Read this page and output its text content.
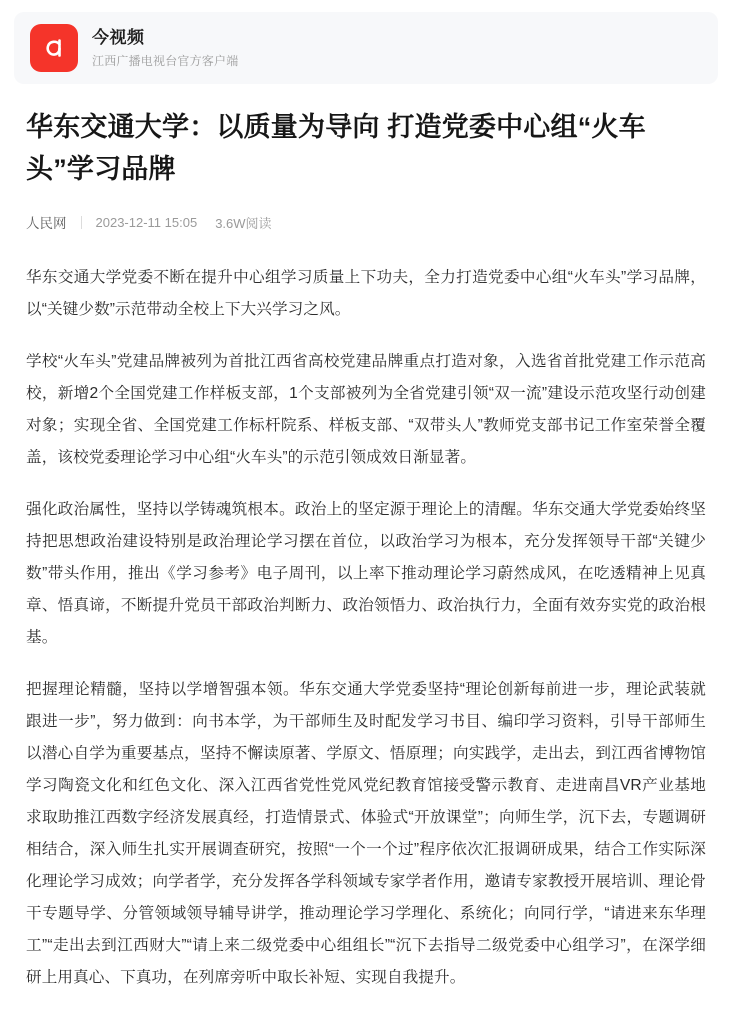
今视频
江西广播电视台官方客户端
华东交通大学：以质量为导向 打造党委中心组“火车头”学习品牌
人民网 2023-12-11 15:05 3.6W阅读

华东交通大学党委不断在提升中心组学习质量上下功夫，全力打造党委中心组“火车头”学习品牌，以“关键少数”示范带动全校上下大兴学习之风。

学校“火车头”党建品牌被列为首批江西省高校党建品牌重点打造对象，入选省首批党建工作示范高校，新增2个全国党建工作样板支部，1个支部被列为全省党建引领“双一流”建设示范攻坚行动创建对象；实现全省、全国党建工作标杆院系、样板支部、“双带头人”教师党支部书记工作室荣誉全覆盖，该校党委理论学习中心组“火车头”的示范引领成效日渐显著。

强化政治属性，坚持以学铸魂筑根本。政治上的坚定源于理论上的清醒。华东交通大学党委始终坚持把思想政治建设特别是政治理论学习摆在首位，以政治学习为根本，充分发挥领导干部“关键少数”带头作用，推出《学习参考》电子周刊，以上率下推动理论学习蔚然成风，在吃透精神上见真章、悟真谛，不断提升党员干部政治判断力、政治领悟力、政治执行力，全面有效夯实党的政治根基。

把握理论精髓，坚持以学增智强本领。华东交通大学党委坚持“理论创新每前进一步，理论武装就跟进一步”，努力做到：向书本学，为干部师生及时配发学习书目、编印学习资料，引导干部师生以潜心自学为重要基点，坚持不懈读原著、学原文、悟原理；向实践学，走出去，到江西省博物馆学习陶瓷文化和红色文化、深入江西省党性党风党纪教育馆接受警示教育、走进南昌VR产业基地求取助推江西数字经济发展真经，打造情景式、体验式“开放课堂”；向师生学，沉下去，专题调研相结合，深入师生扎实开展调查研究，按照“一个一个过”程序依次汇报调研成果，结合工作实际深化理论学习成效；向学者学，充分发挥各学科领域专家学者作用，邀请专家教授开展培训、理论骨干专题导学、分管领域领导辅导讲学，推动理论学习学理化、系统化；向同行学，“请进来东华理工”“走出去到江西财大”“请上来二级党委中心组组长”“沉下去指导二级党委中心组学习”，在深学细研上用真心、下真功，在列席旁听中取长补短、实现自我提升。
